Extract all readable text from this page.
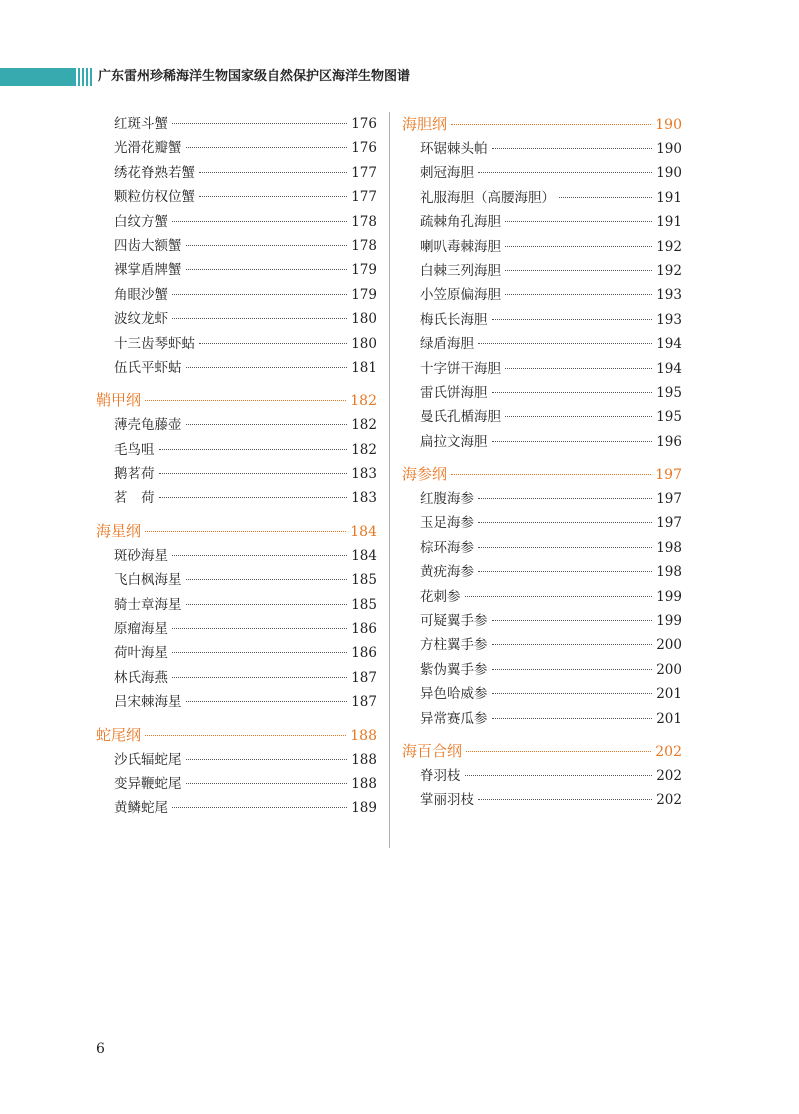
广东雷州珍稀海洋生物国家级自然保护区海洋生物图谱
红斑斗蟹	176
光滑花瓣蟹	176
绣花脊熟若蟹	177
颗粒仿权位蟹	177
白纹方蟹	178
四齿大额蟹	178
裸掌盾牌蟹	179
角眼沙蟹	179
波纹龙虾	180
十三齿琴虾蛄	180
伍氏平虾蛄	181
鞘甲纲	182
薄壳龟藤壶	182
毛鸟咀	182
鹅茗荷	183
茗　荷	183
海星纲	184
斑砂海星	184
飞白枫海星	185
骑士章海星	185
原瘤海星	186
荷叶海星	186
林氏海燕	187
吕宋棘海星	187
蛇尾纲	188
沙氏辐蛇尾	188
变异鞭蛇尾	188
黄鳞蛇尾	189
海胆纲	190
环锯棘头帕	190
刺冠海胆	190
礼服海胆（高腰海胆）	191
疏棘角孔海胆	191
喇叭毒棘海胆	192
白棘三列海胆	192
小笠原偏海胆	193
梅氏长海胆	193
绿盾海胆	194
十字饼干海胆	194
雷氏饼海胆	195
曼氏孔楯海胆	195
扁拉文海胆	196
海参纲	197
红腹海参	197
玉足海参	197
棕环海参	198
黄疣海参	198
花刺参	199
可疑翼手参	199
方柱翼手参	200
紫伪翼手参	200
异色哈威参	201
异常赛瓜参	201
海百合纲	202
脊羽枝	202
掌丽羽枝	202
6
